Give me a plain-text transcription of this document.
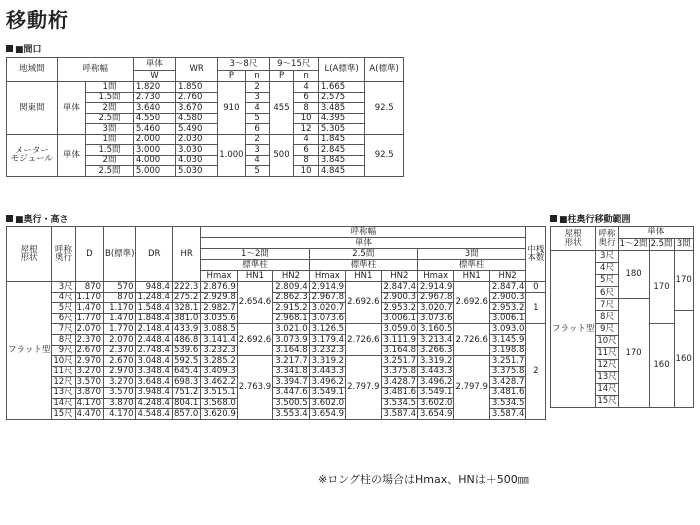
移動桁
■間口
地域間	呼称幅		単体	WR	3～8尺		9～15尺		L(A標準)	A(標準)
			W		P	n	P	n		
関東間	単体	1間	1.820	1.850	910	2	455	4	1.665	92.5
		1.5間	2.730	2.760		3		6	2.575	
		2間	3.640	3.670		4		8	3.485	
		2.5間	4.550	4.580		5		10	4.395	
		3間	5.460	5.490		6		12	5.305	
メーター
モジュール	単体	1間	2.000	2.030	1.000	2	500	4	1.845	92.5
		1.5間	3.000	3.030		3		6	2.845	
		2間	4.000	4.030		4		8	3.845	
		2.5間	5.000	5.030		5		10	4.845	
■奥行・高さ
屋根
形状	呼称
奥行	D	B(標準)	DR	HR	呼称幅									中桟
本数
						単体									
						1～2間			2.5間			3間			
						標準柱			標準柱			標準柱			
						Hmax	HN1	HN2	Hmax	HN1	HN2	Hmax	HN1	HN2	
フラット型	3尺	870	570	948.4	222.3	2.876.9	2.654.6	2.809.4	2.914.9	2.692.6	2.847.4	2.914.9	2.692.6	2.847.4	0
	4尺	1.170	870	1.248.4	275.2	2.929.8		2.862.3	2.967.8		2.900.3	2.967.8		2.900.3	1
	5尺	1.470	1.170	1.548.4	328.1	2.982.7		2.915.2	3.020.7		2.953.2	3.020.7		2.953.2	
	6尺	1.770	1.470	1.848.4	381.0	3.035.6		2.968.1	3.073.6		3.006.1	3.073.6		3.006.1	
	7尺	2.070	1.770	2.148.4	433.9	3.088.5	2.692.6	3.021.0	3.126.5	2.726.6	3.059.0	3.160.5	2.726.6	3.093.0	2
	8尺	2.370	2.070	2.448.4	486.8	3.141.4		3.073.9	3.179.4		3.111.9	3.213.4		3.145.9	
	9尺	2.670	2.370	2.748.4	539.6	3.232.3		3.164.8	3.232.3		3.164.8	3.266.3		3.198.8	
	10尺	2.970	2.670	3.048.4	592.5	3.285.2	2.763.9	3.217.7	3.319.2	2.797.9	3.251.7	3.319.2	2.797.9	3.251.7	
	11尺	3.270	2.970	3.348.4	645.4	3.409.3		3.341.8	3.443.3		3.375.8	3.443.3		3.375.8	
	12尺	3.570	3.270	3.648.4	698.3	3.462.2		3.394.7	3.496.2		3.428.7	3.496.2		3.428.7	
	13尺	3.870	3.570	3.948.4	751.2	3.515.1		3.447.6	3.549.1		3.481.6	3.549.1		3.481.6	
	14尺	4.170	3.870	4.248.4	804.1	3.568.0		3.500.5	3.602.0		3.534.5	3.602.0		3.534.5	
	15尺	4.470	4.170	4.548.4	857.0	3.620.9		3.553.4	3.654.9		3.587.4	3.654.9		3.587.4	
■柱奥行移動範囲
屋根
形状	呼称
奥行	単体		
		1～2間	2.5間	3間
フラット型	3尺	180	170	170
	4尺			
	5尺			
	6尺			
	7尺	170		
	8尺			160
	9尺		160	
	10尺			
	11尺			
	12尺			
	13尺			
	14尺			
	15尺			
※ロング柱の場合はHmax、HNは＋500㎜
